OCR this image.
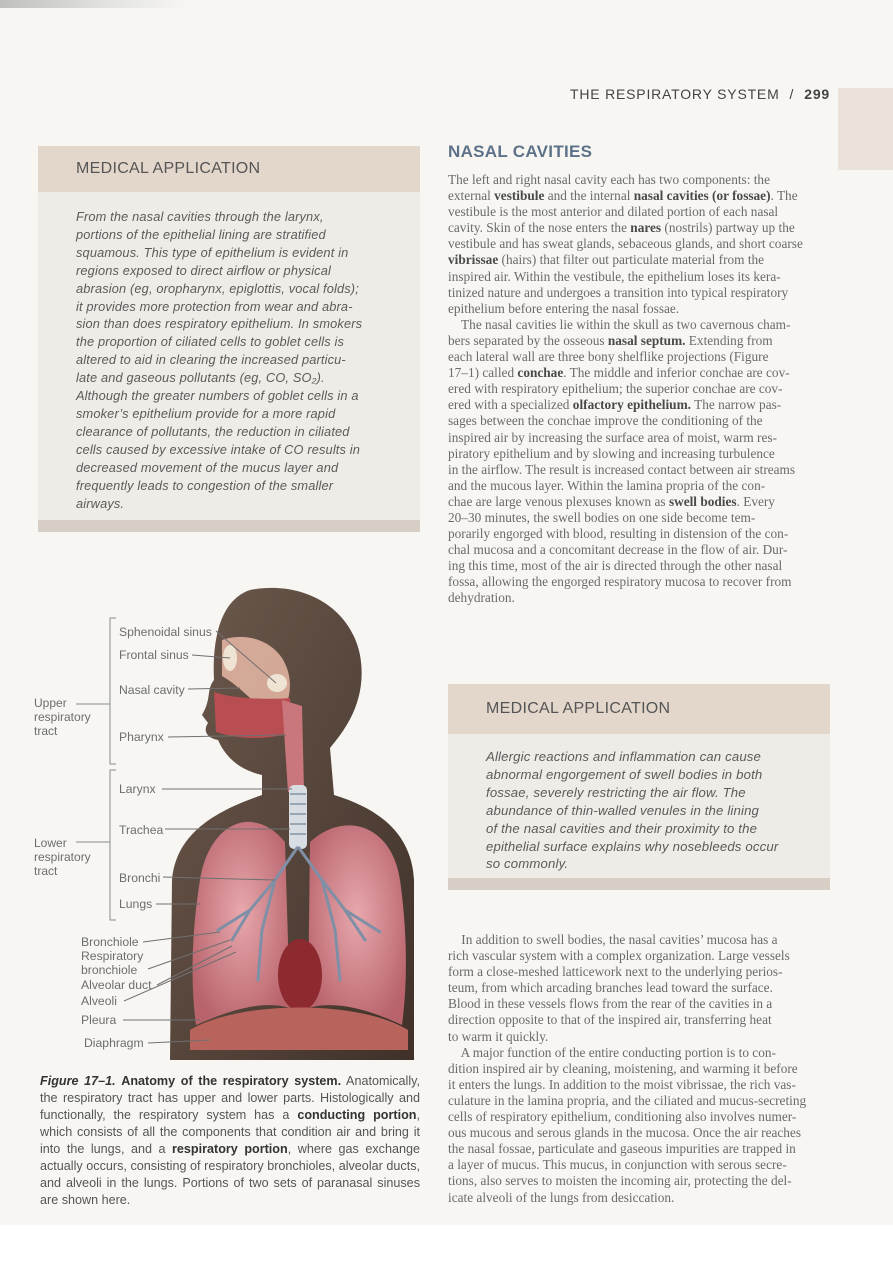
THE RESPIRATORY SYSTEM / 299
MEDICAL APPLICATION
From the nasal cavities through the larynx,
portions of the epithelial lining are stratified
squamous. This type of epithelium is evident in
regions exposed to direct airflow or physical
abrasion (eg, oropharynx, epiglottis, vocal folds);
it provides more protection from wear and abra-
sion than does respiratory epithelium. In smokers
the proportion of ciliated cells to goblet cells is
altered to aid in clearing the increased particu-
late and gaseous pollutants (eg, CO, SO₂).
Although the greater numbers of goblet cells in a
smoker’s epithelium provide for a more rapid
clearance of pollutants, the reduction in ciliated
cells caused by excessive intake of CO results in
decreased movement of the mucus layer and
frequently leads to congestion of the smaller
airways.
NASAL CAVITIES

The left and right nasal cavity each has two components: the
external vestibule and the internal nasal cavities (or fossae). The
vestibule is the most anterior and dilated portion of each nasal
cavity. Skin of the nose enters the nares (nostrils) partway up the
vestibule and has sweat glands, sebaceous glands, and short coarse
vibrissae (hairs) that filter out particulate material from the
inspired air. Within the vestibule, the epithelium loses its kera-
tinized nature and undergoes a transition into typical respiratory
epithelium before entering the nasal fossae.
The nasal cavities lie within the skull as two cavernous cham-
bers separated by the osseous nasal septum. Extending from
each lateral wall are three bony shelflike projections (Figure
17–1) called conchae. The middle and inferior conchae are cov-
ered with respiratory epithelium; the superior conchae are cov-
ered with a specialized olfactory epithelium. The narrow pas-
sages between the conchae improve the conditioning of the
inspired air by increasing the surface area of moist, warm res-
piratory epithelium and by slowing and increasing turbulence
in the airflow. The result is increased contact between air streams
and the mucous layer. Within the lamina propria of the con-
chae are large venous plexuses known as swell bodies. Every
20–30 minutes, the swell bodies on one side become tem-
porarily engorged with blood, resulting in distension of the con-
chal mucosa and a concomitant decrease in the flow of air. Dur-
ing this time, most of the air is directed through the other nasal
fossa, allowing the engorged respiratory mucosa to recover from
dehydration.

MEDICAL APPLICATION
Allergic reactions and inflammation can cause
abnormal engorgement of swell bodies in both
fossae, severely restricting the air flow. The
abundance of thin-walled venules in the lining
of the nasal cavities and their proximity to the
epithelial surface explains why nosebleeds occur
so commonly.

In addition to swell bodies, the nasal cavities’ mucosa has a
rich vascular system with a complex organization. Large vessels
form a close-meshed latticework next to the underlying perios-
teum, from which arcading branches lead toward the surface.
Blood in these vessels flows from the rear of the cavities in a
direction opposite to that of the inspired air, transferring heat
to warm it quickly.
A major function of the entire conducting portion is to con-
dition inspired air by cleaning, moistening, and warming it before
it enters the lungs. In addition to the moist vibrissae, the rich vas-
culature in the lamina propria, and the ciliated and mucus-secreting
cells of respiratory epithelium, conditioning also involves numer-
ous mucous and serous glands in the mucosa. Once the air reaches
the nasal fossae, particulate and gaseous impurities are trapped in
a layer of mucus. This mucus, in conjunction with serous secre-
tions, also serves to moisten the incoming air, protecting the del-
icate alveoli of the lungs from desiccation.

Upper
respiratory
tract
Lower
respiratory
tract
Sphenoidal sinus
Frontal sinus
Nasal cavity
Pharynx
Larynx
Trachea
Bronchi
Lungs
Bronchiole
Respiratory
bronchiole
Alveolar duct
Alveoli
Pleura
Diaphragm

Figure 17–1. Anatomy of the respiratory system. Anatomically, the respiratory tract has upper and lower parts. Histologically and functionally, the respiratory system has a conducting portion, which consists of all the components that condition air and bring it into the lungs, and a respiratory portion, where gas exchange actually occurs, consisting of respiratory bronchioles, alveolar ducts, and alveoli in the lungs. Portions of two sets of paranasal sinuses are shown here.
